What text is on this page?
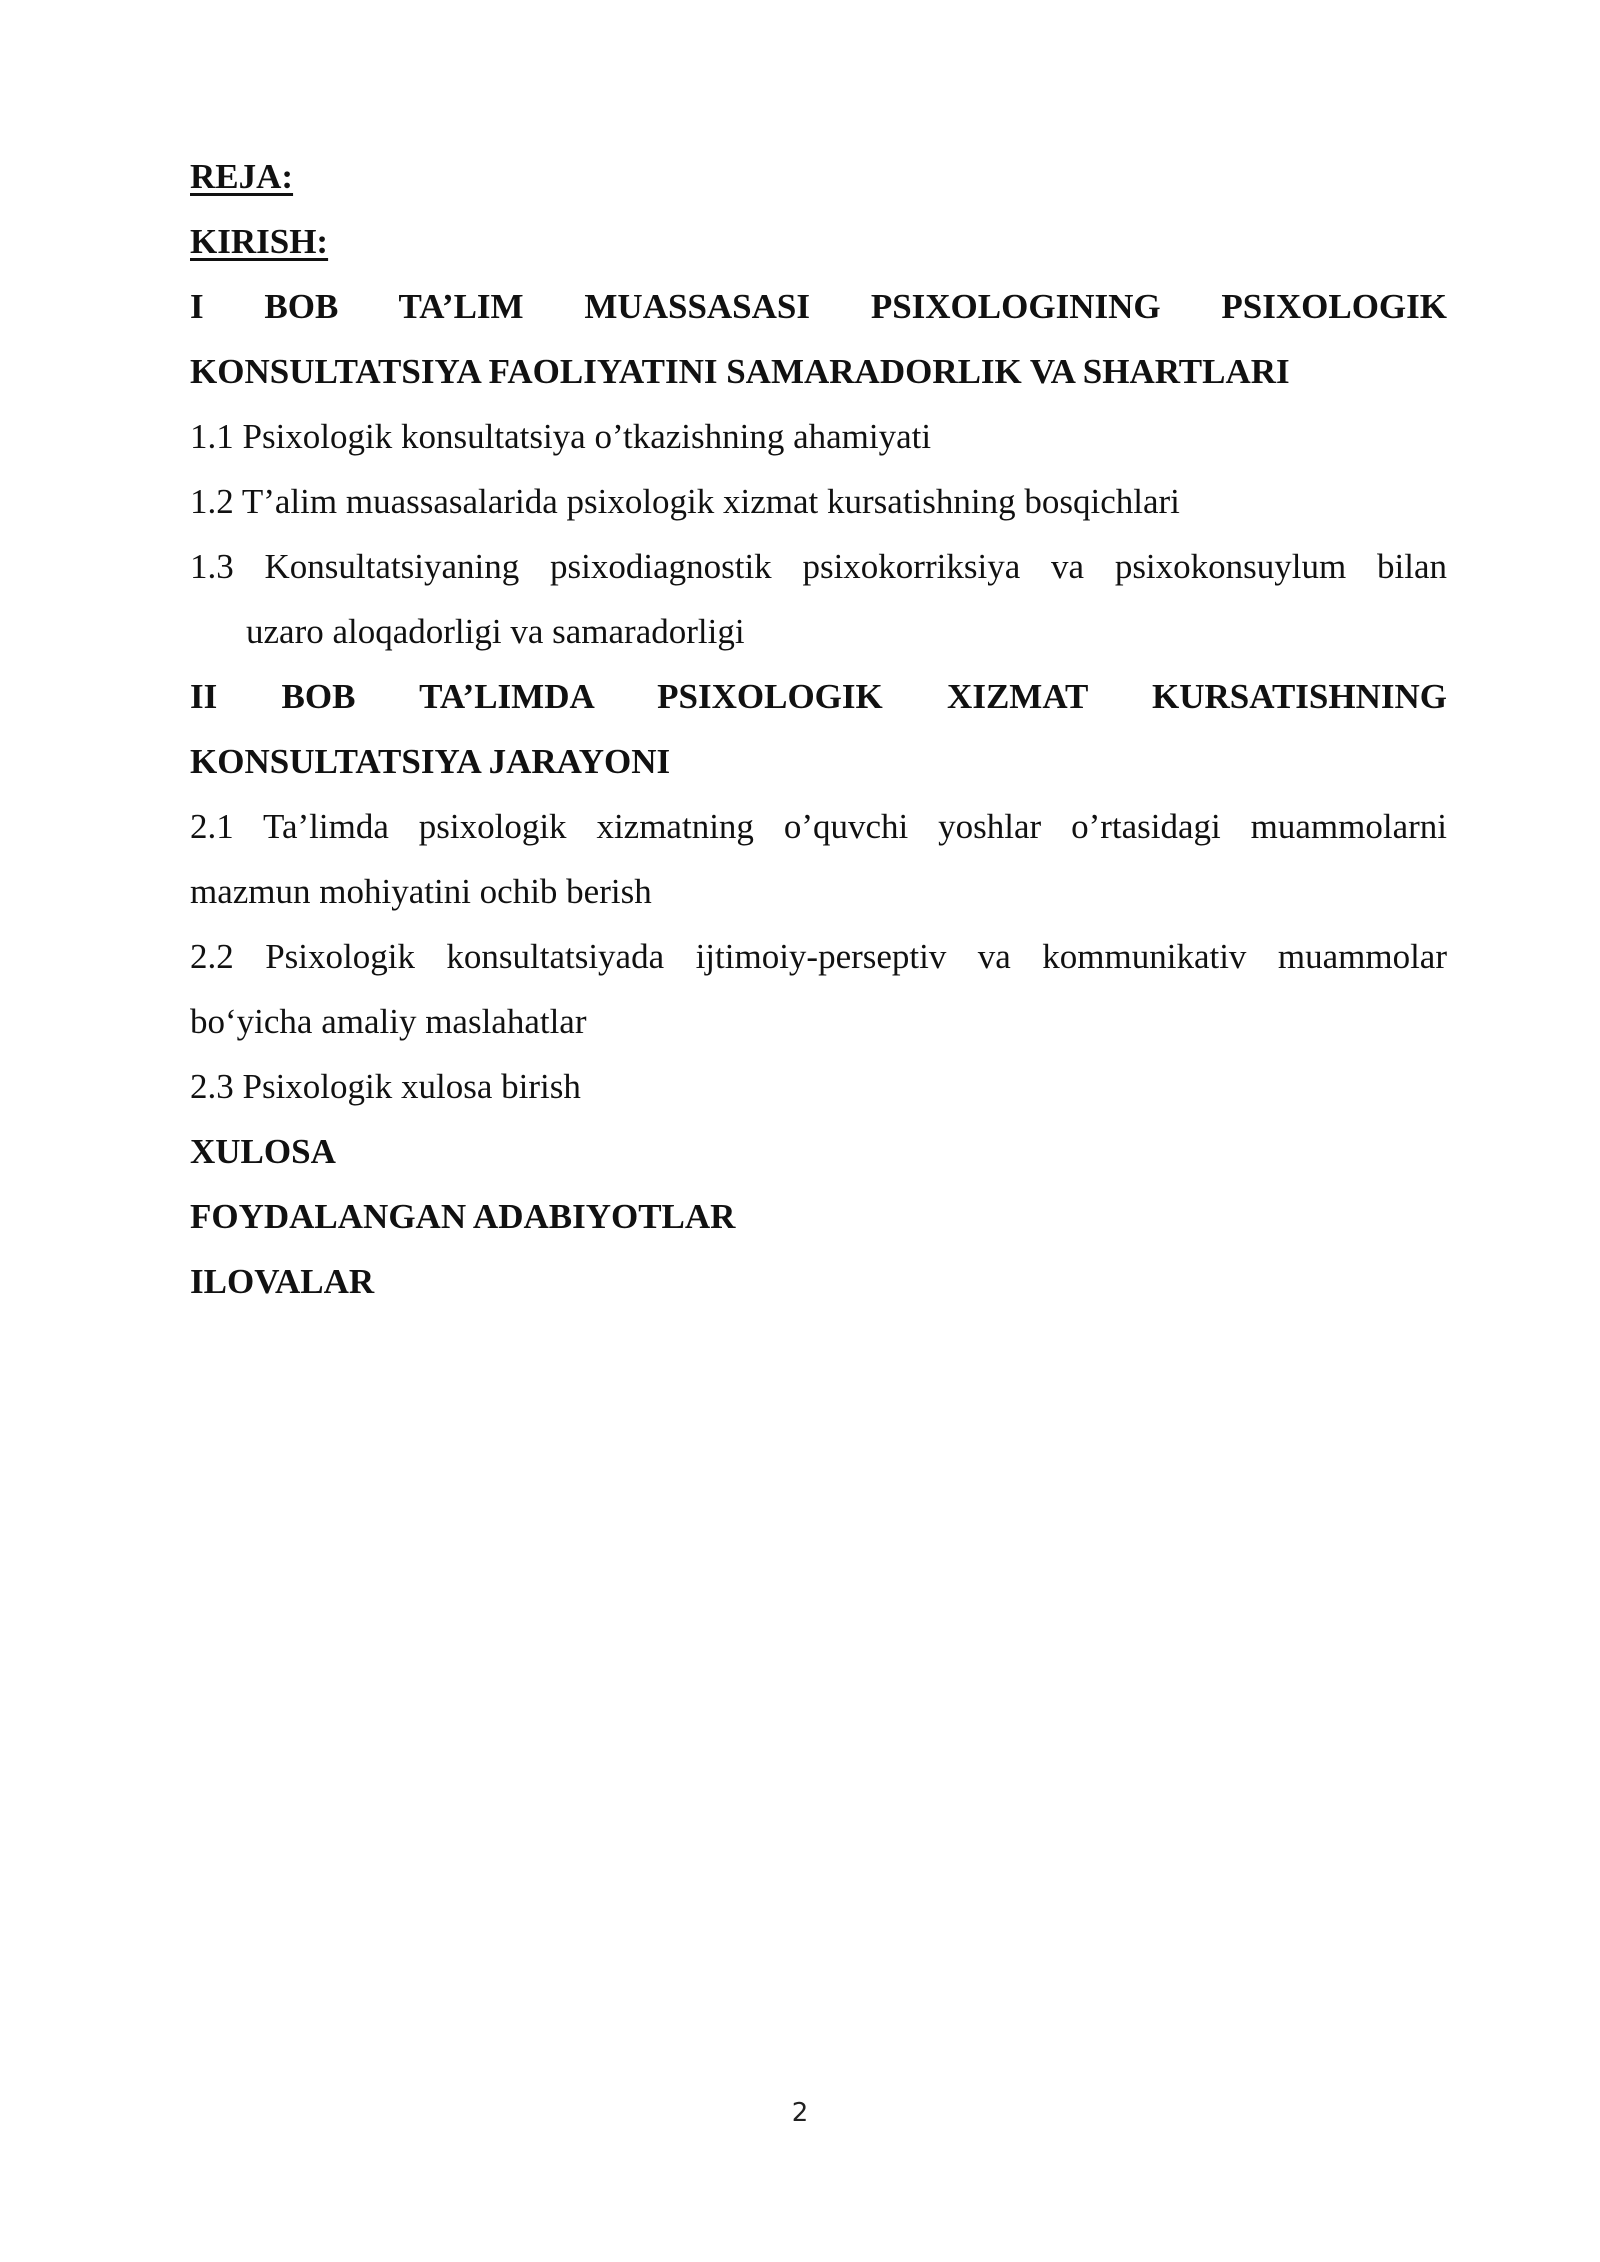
REJA:
KIRISH:
I BOB TA’LIM MUASSASASI PSIXOLOGINING PSIXOLOGIK
KONSULTATSIYA FAOLIYATINI SAMARADORLIK VA SHARTLARI
1.1 Psixologik konsultatsiya o’tkazishning ahamiyati
1.2 T’alim muassasalarida psixologik xizmat kursatishning bosqichlari
1.3 Konsultatsiyaning psixodiagnostik psixokorriksiya va psixokonsuylum bilan
uzaro aloqadorligi va samaradorligi
II BOB TA’LIMDA PSIXOLOGIK XIZMAT KURSATISHNING
KONSULTATSIYA JARAYONI
2.1 Ta’limda psixologik xizmatning o’quvchi yoshlar o’rtasidagi muammolarni
mazmun mohiyatini ochib berish
2.2 Psixologik konsultatsiyada ijtimoiy-perseptiv va kommunikativ muammolar
bo‘yicha amaliy maslahatlar
2.3 Psixologik xulosa birish
XULOSA
FOYDALANGAN ADABIYOTLAR
ILOVALAR
2
